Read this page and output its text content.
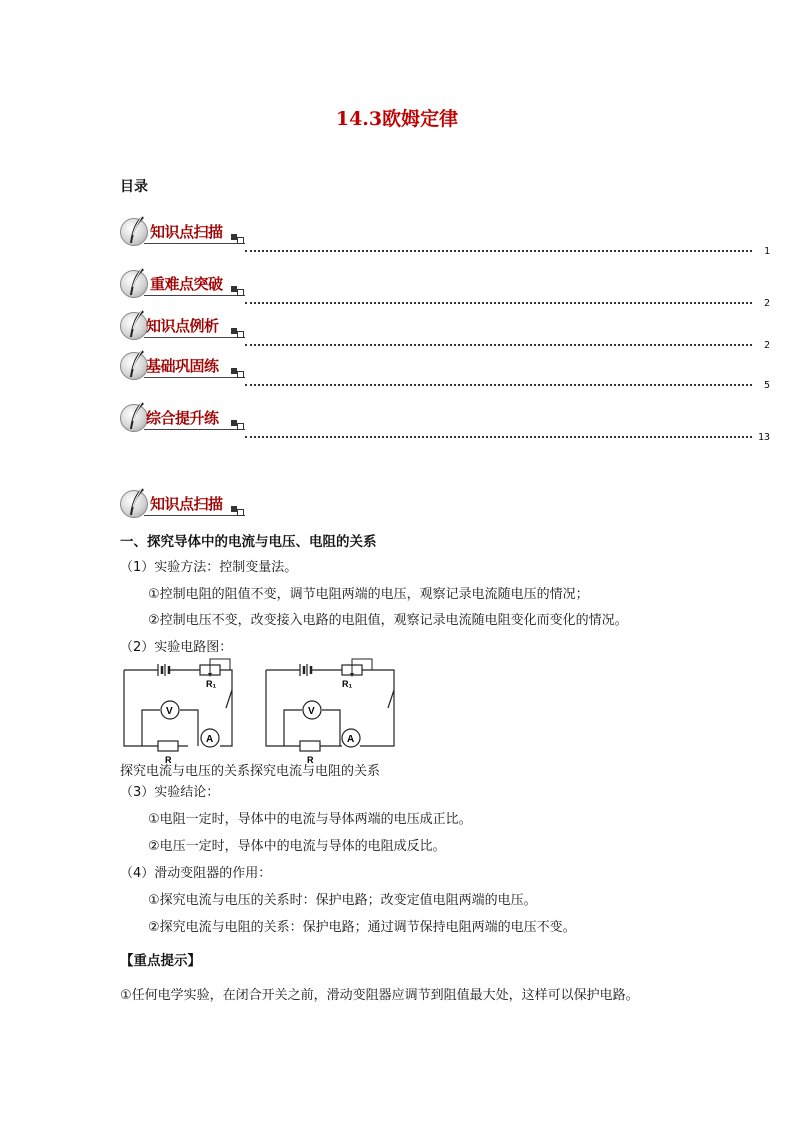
14.3欧姆定律
目录
知识点扫描
1
重难点突破
2
知识点例析
2
基础巩固练
5
综合提升练
13
知识点扫描
一、探究导体中的电流与电压、电阻的关系
（1）实验方法：控制变量法。
①控制电阻的阻值不变，调节电阻两端的电压，观察记录电流随电压的情况；
②控制电压不变，改变接入电路的电阻值，观察记录电流随电阻变化而变化的情况。
（2）实验电路图：
R₁
R
V
A
R₁
R
V
A
探究电流与电压的关系探究电流与电阻的关系
（3）实验结论：
①电阻一定时，导体中的电流与导体两端的电压成正比。
②电压一定时，导体中的电流与导体的电阻成反比。
（4）滑动变阻器的作用：
①探究电流与电压的关系时：保护电路；改变定值电阻两端的电压。
②探究电流与电阻的关系：保护电路；通过调节保持电阻两端的电压不变。
【重点提示】
①任何电学实验，在闭合开关之前，滑动变阻器应调节到阻值最大处，这样可以保护电路。
